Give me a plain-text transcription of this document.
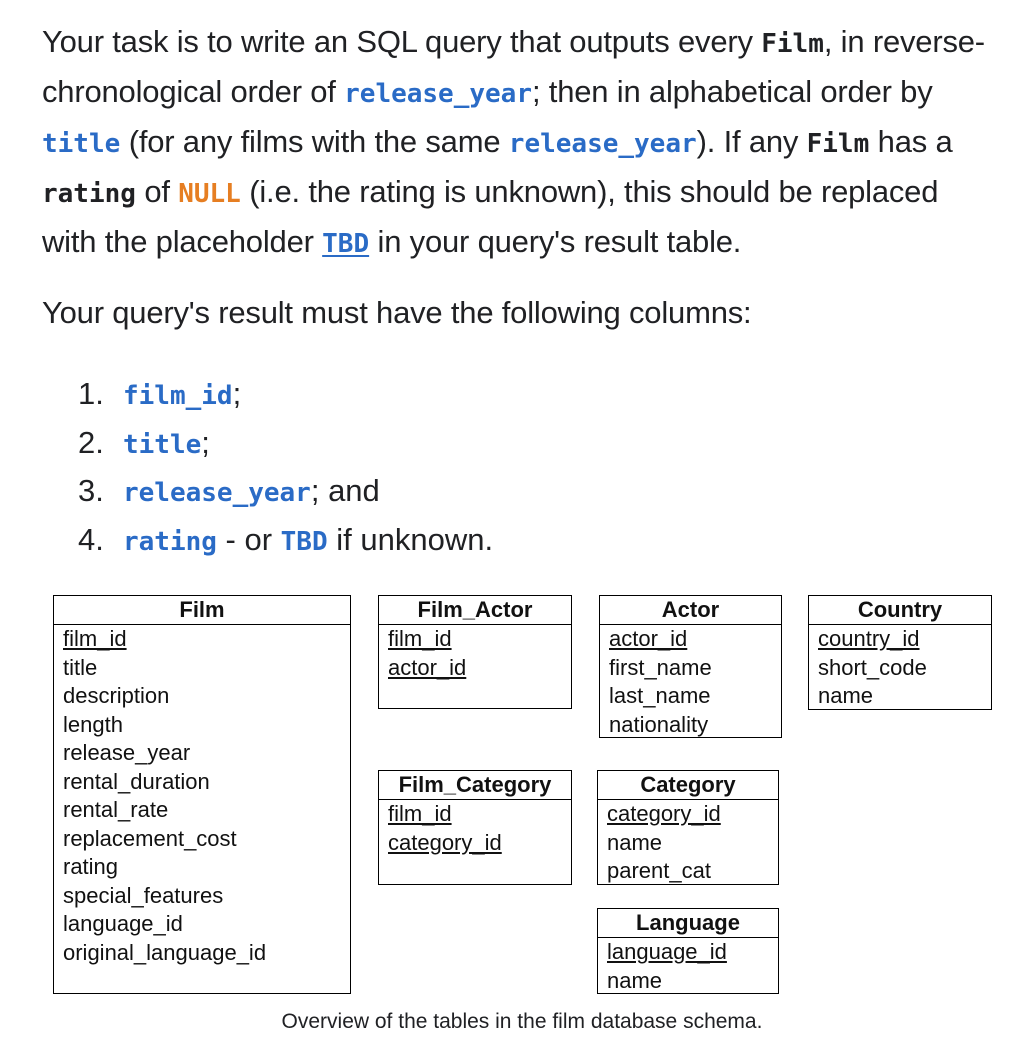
Your task is to write an SQL query that outputs every Film, in reverse-chronological order of release_year; then in alphabetical order by title (for any films with the same release_year). If any Film has a rating of NULL (i.e. the rating is unknown), this should be replaced with the placeholder TBD in your query's result table.

Your query's result must have the following columns:

1. film_id;
2. title;
3. release_year; and
4. rating - or TBD if unknown.
Film
film_id
title
description
length
release_year
rental_duration
rental_rate
replacement_cost
rating
special_features
language_id
original_language_id
Film_Actor
film_id
actor_id
Actor
actor_id
first_name
last_name
nationality
Country
country_id
short_code
name
Film_Category
film_id
category_id
Category
category_id
name
parent_cat
Language
language_id
name
Overview of the tables in the film database schema.
